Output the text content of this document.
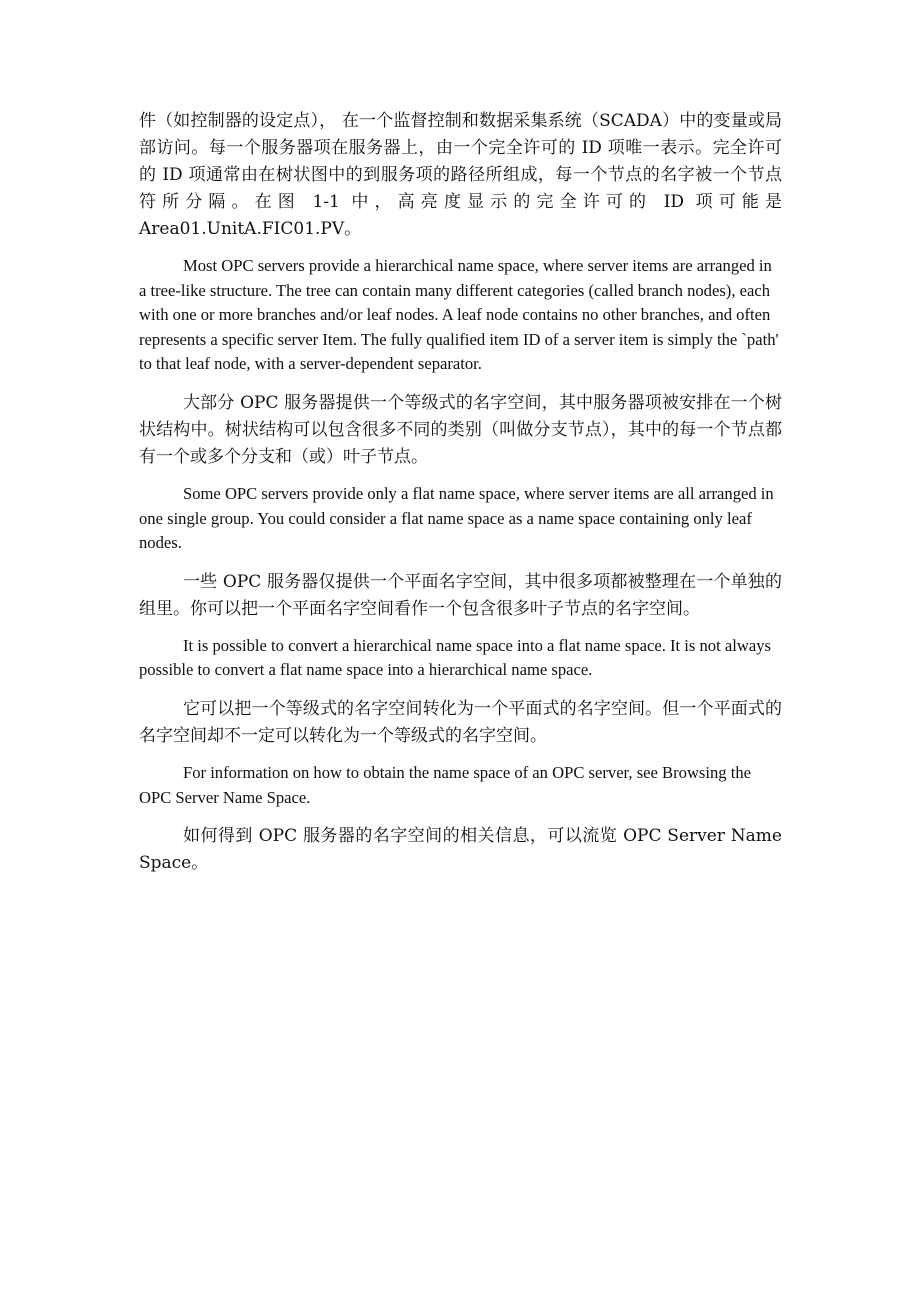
件（如控制器的设定点）， 在一个监督控制和数据采集系统（SCADA）中的变量或局部访问。每一个服务器项在服务器上，由一个完全许可的 ID 项唯一表示。完全许可的 ID 项通常由在树状图中的到服务项的路径所组成，每一个节点的名字被一个节点符所分隔。在图 1-1 中，高亮度显示的完全许可的 ID 项可能是 Area01.UnitA.FIC01.PV。

Most OPC servers provide a hierarchical name space, where server items are arranged in a tree-like structure. The tree can contain many different categories (called branch nodes), each with one or more branches and/or leaf nodes. A leaf node contains no other branches, and often represents a specific server Item. The fully qualified item ID of a server item is simply the `path' to that leaf node, with a server-dependent separator.

大部分 OPC 服务器提供一个等级式的名字空间，其中服务器项被安排在一个树状结构中。树状结构可以包含很多不同的类别（叫做分支节点），其中的每一个节点都有一个或多个分支和（或）叶子节点。

Some OPC servers provide only a flat name space, where server items are all arranged in one single group. You could consider a flat name space as a name space containing only leaf nodes.

一些 OPC 服务器仅提供一个平面名字空间，其中很多项都被整理在一个单独的组里。你可以把一个平面名字空间看作一个包含很多叶子节点的名字空间。

It is possible to convert a hierarchical name space into a flat name space. It is not always possible to convert a flat name space into a hierarchical name space.

它可以把一个等级式的名字空间转化为一个平面式的名字空间。但一个平面式的名字空间却不一定可以转化为一个等级式的名字空间。

For information on how to obtain the name space of an OPC server, see Browsing the OPC Server Name Space.

如何得到 OPC 服务器的名字空间的相关信息，可以流览 OPC Server Name Space。
